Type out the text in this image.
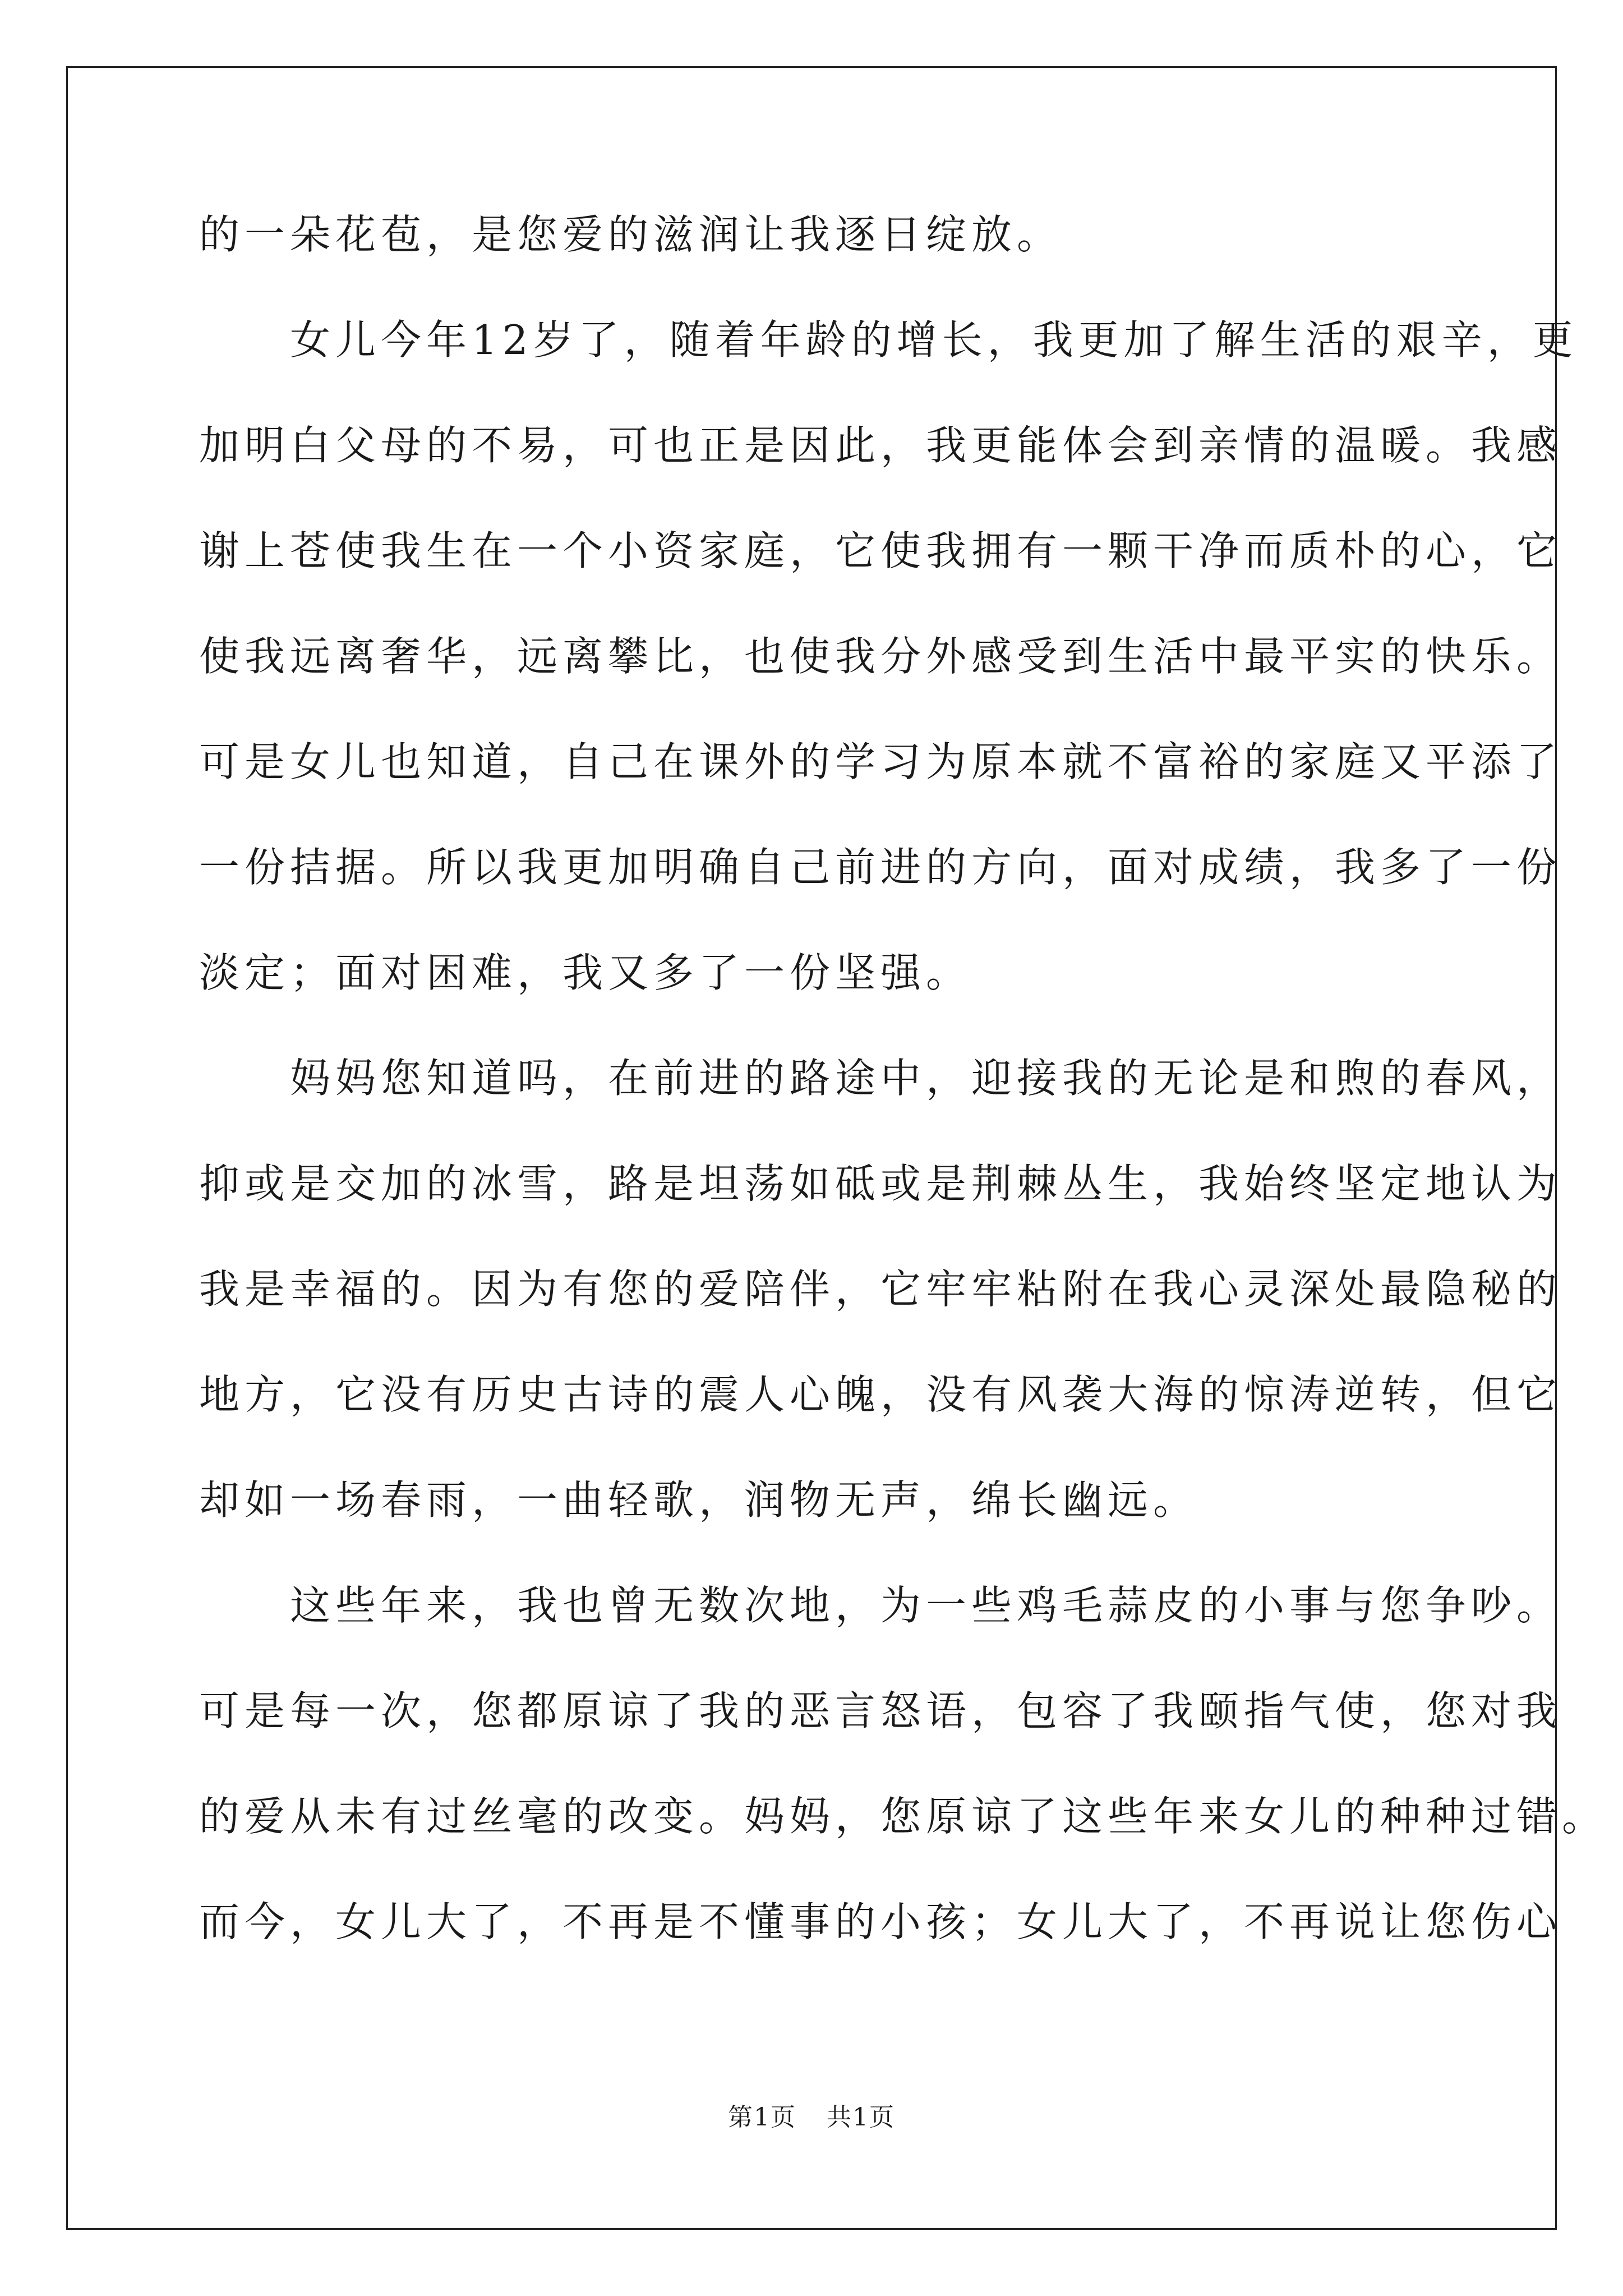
的一朵花苞，是您爱的滋润让我逐日绽放。
　　女儿今年12岁了，随着年龄的增长，我更加了解生活的艰辛，更
加明白父母的不易，可也正是因此，我更能体会到亲情的温暖。我感
谢上苍使我生在一个小资家庭，它使我拥有一颗干净而质朴的心，它
使我远离奢华，远离攀比，也使我分外感受到生活中最平实的快乐。
可是女儿也知道，自己在课外的学习为原本就不富裕的家庭又平添了
一份拮据。所以我更加明确自己前进的方向，面对成绩，我多了一份
淡定；面对困难，我又多了一份坚强。
　　妈妈您知道吗，在前进的路途中，迎接我的无论是和煦的春风，
抑或是交加的冰雪，路是坦荡如砥或是荆棘丛生，我始终坚定地认为
我是幸福的。因为有您的爱陪伴，它牢牢粘附在我心灵深处最隐秘的
地方，它没有历史古诗的震人心魄，没有风袭大海的惊涛逆转，但它
却如一场春雨，一曲轻歌，润物无声，绵长幽远。
　　这些年来，我也曾无数次地，为一些鸡毛蒜皮的小事与您争吵。
可是每一次，您都原谅了我的恶言怒语，包容了我颐指气使，您对我
的爱从未有过丝毫的改变。妈妈，您原谅了这些年来女儿的种种过错。
而今，女儿大了，不再是不懂事的小孩；女儿大了，不再说让您伤心
第1页 共1页
